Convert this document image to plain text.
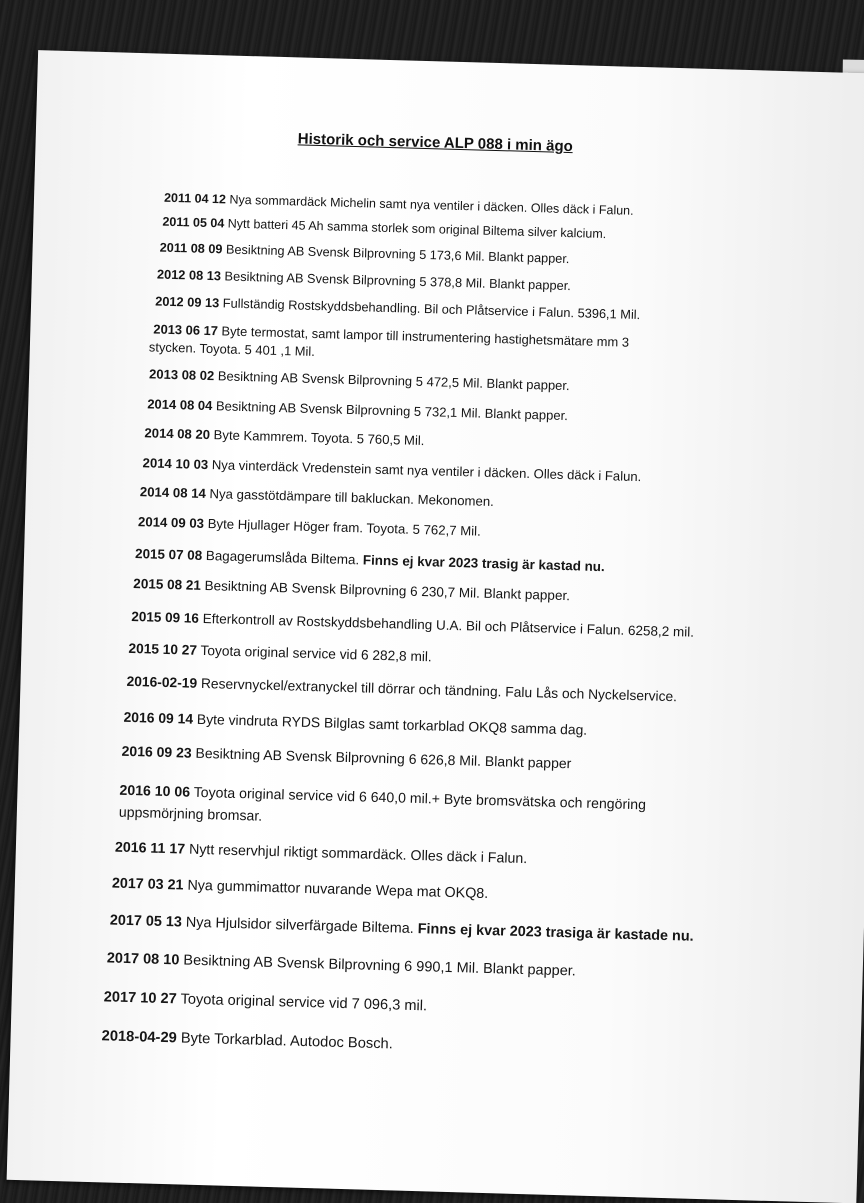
Historik och service ALP 088 i min ägo
2011 04 12 Nya sommardäck Michelin samt nya ventiler i däcken. Olles däck i Falun.
2011 05 04 Nytt batteri 45 Ah samma storlek som original Biltema silver kalcium.
2011 08 09 Besiktning AB Svensk Bilprovning 5 173,6 Mil. Blankt papper.
2012 08 13 Besiktning AB Svensk Bilprovning 5 378,8 Mil. Blankt papper.
2012 09 13 Fullständig Rostskyddsbehandling. Bil och Plåtservice i Falun. 5396,1 Mil.
2013 06 17 Byte termostat, samt lampor till instrumentering hastighetsmätare mm 3
stycken. Toyota. 5 401 ,1 Mil.
2013 08 02 Besiktning AB Svensk Bilprovning 5 472,5 Mil. Blankt papper.
2014 08 04 Besiktning AB Svensk Bilprovning 5 732,1 Mil. Blankt papper.
2014 08 20 Byte Kammrem. Toyota. 5 760,5 Mil.
2014 10 03 Nya vinterdäck Vredenstein samt nya ventiler i däcken. Olles däck i Falun.
2014 08 14 Nya gasstötdämpare till bakluckan. Mekonomen.
2014 09 03 Byte Hjullager Höger fram. Toyota. 5 762,7 Mil.
2015 07 08 Bagagerumslåda Biltema. Finns ej kvar 2023 trasig är kastad nu.
2015 08 21 Besiktning AB Svensk Bilprovning 6 230,7 Mil. Blankt papper.
2015 09 16 Efterkontroll av Rostskyddsbehandling U.A. Bil och Plåtservice i Falun. 6258,2 mil.
2015 10 27 Toyota original service vid 6 282,8 mil.
2016-02-19 Reservnyckel/extranyckel till dörrar och tändning. Falu Lås och Nyckelservice.
2016 09 14 Byte vindruta RYDS Bilglas samt torkarblad OKQ8 samma dag.
2016 09 23 Besiktning AB Svensk Bilprovning 6 626,8 Mil. Blankt papper
2016 10 06 Toyota original service vid 6 640,0 mil.+ Byte bromsvätska och rengöring
uppsmörjning bromsar.
2016 11 17 Nytt reservhjul riktigt sommardäck. Olles däck i Falun.
2017 03 21 Nya gummimattor nuvarande Wepa mat OKQ8.
2017 05 13 Nya Hjulsidor silverfärgade Biltema. Finns ej kvar 2023 trasiga är kastade nu.
2017 08 10 Besiktning AB Svensk Bilprovning 6 990,1 Mil. Blankt papper.
2017 10 27 Toyota original service vid 7 096,3 mil.
2018-04-29 Byte Torkarblad. Autodoc Bosch.
